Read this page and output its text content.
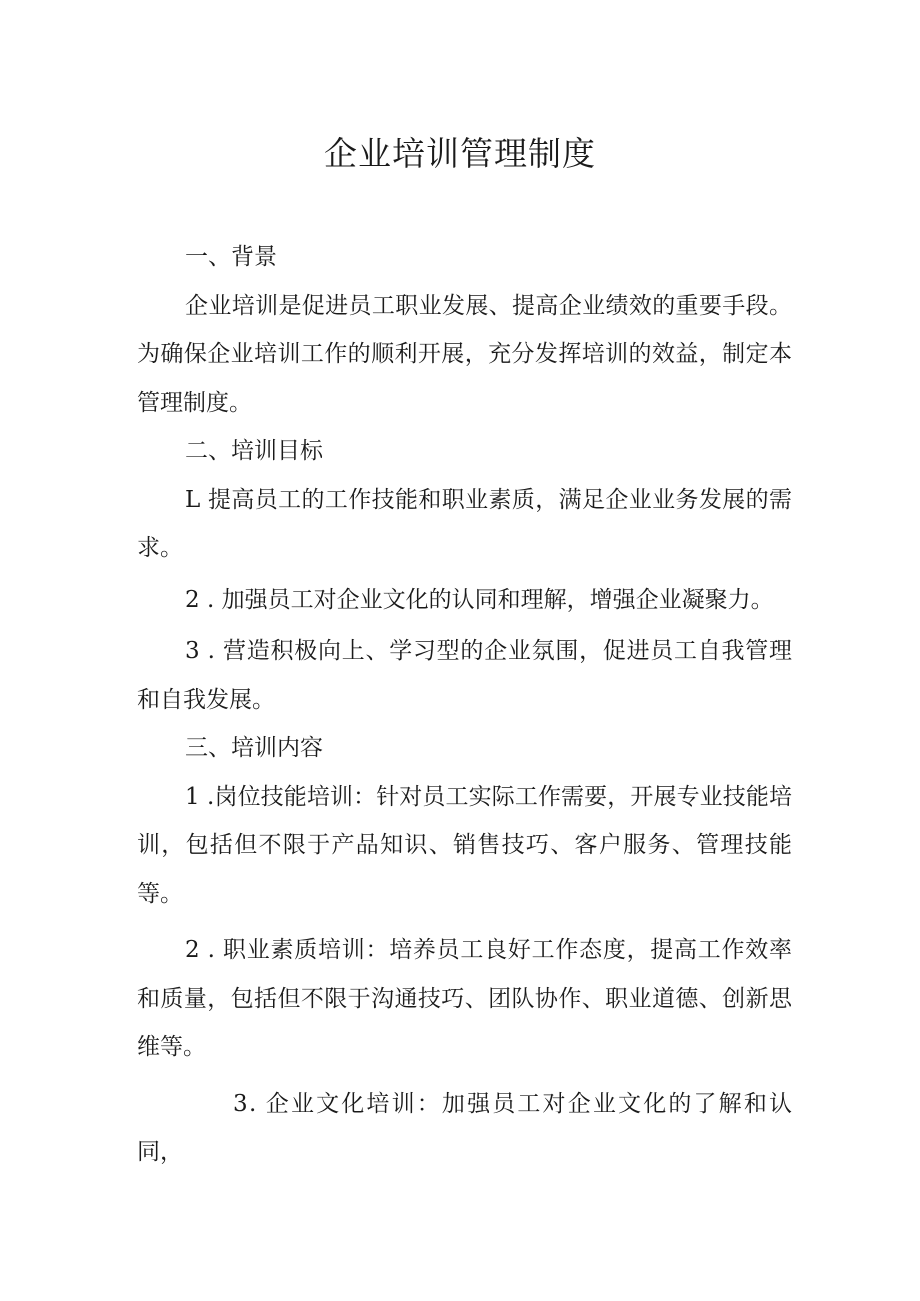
企业培训管理制度

一、背景

企业培训是促进员工职业发展、提高企业绩效的重要手段。为确保企业培训工作的顺利开展，充分发挥培训的效益，制定本管理制度。

二、培训目标

L 提高员工的工作技能和职业素质，满足企业业务发展的需求。

2 . 加强员工对企业文化的认同和理解，增强企业凝聚力。

3 . 营造积极向上、学习型的企业氛围，促进员工自我管理和自我发展。

三、培训内容

1 .岗位技能培训：针对员工实际工作需要，开展专业技能培训，包括但不限于产品知识、销售技巧、客户服务、管理技能等。

2 . 职业素质培训：培养员工良好工作态度，提高工作效率和质量，包括但不限于沟通技巧、团队协作、职业道德、创新思维等。

3. 企业文化培训：加强员工对企业文化的了解和认同，
